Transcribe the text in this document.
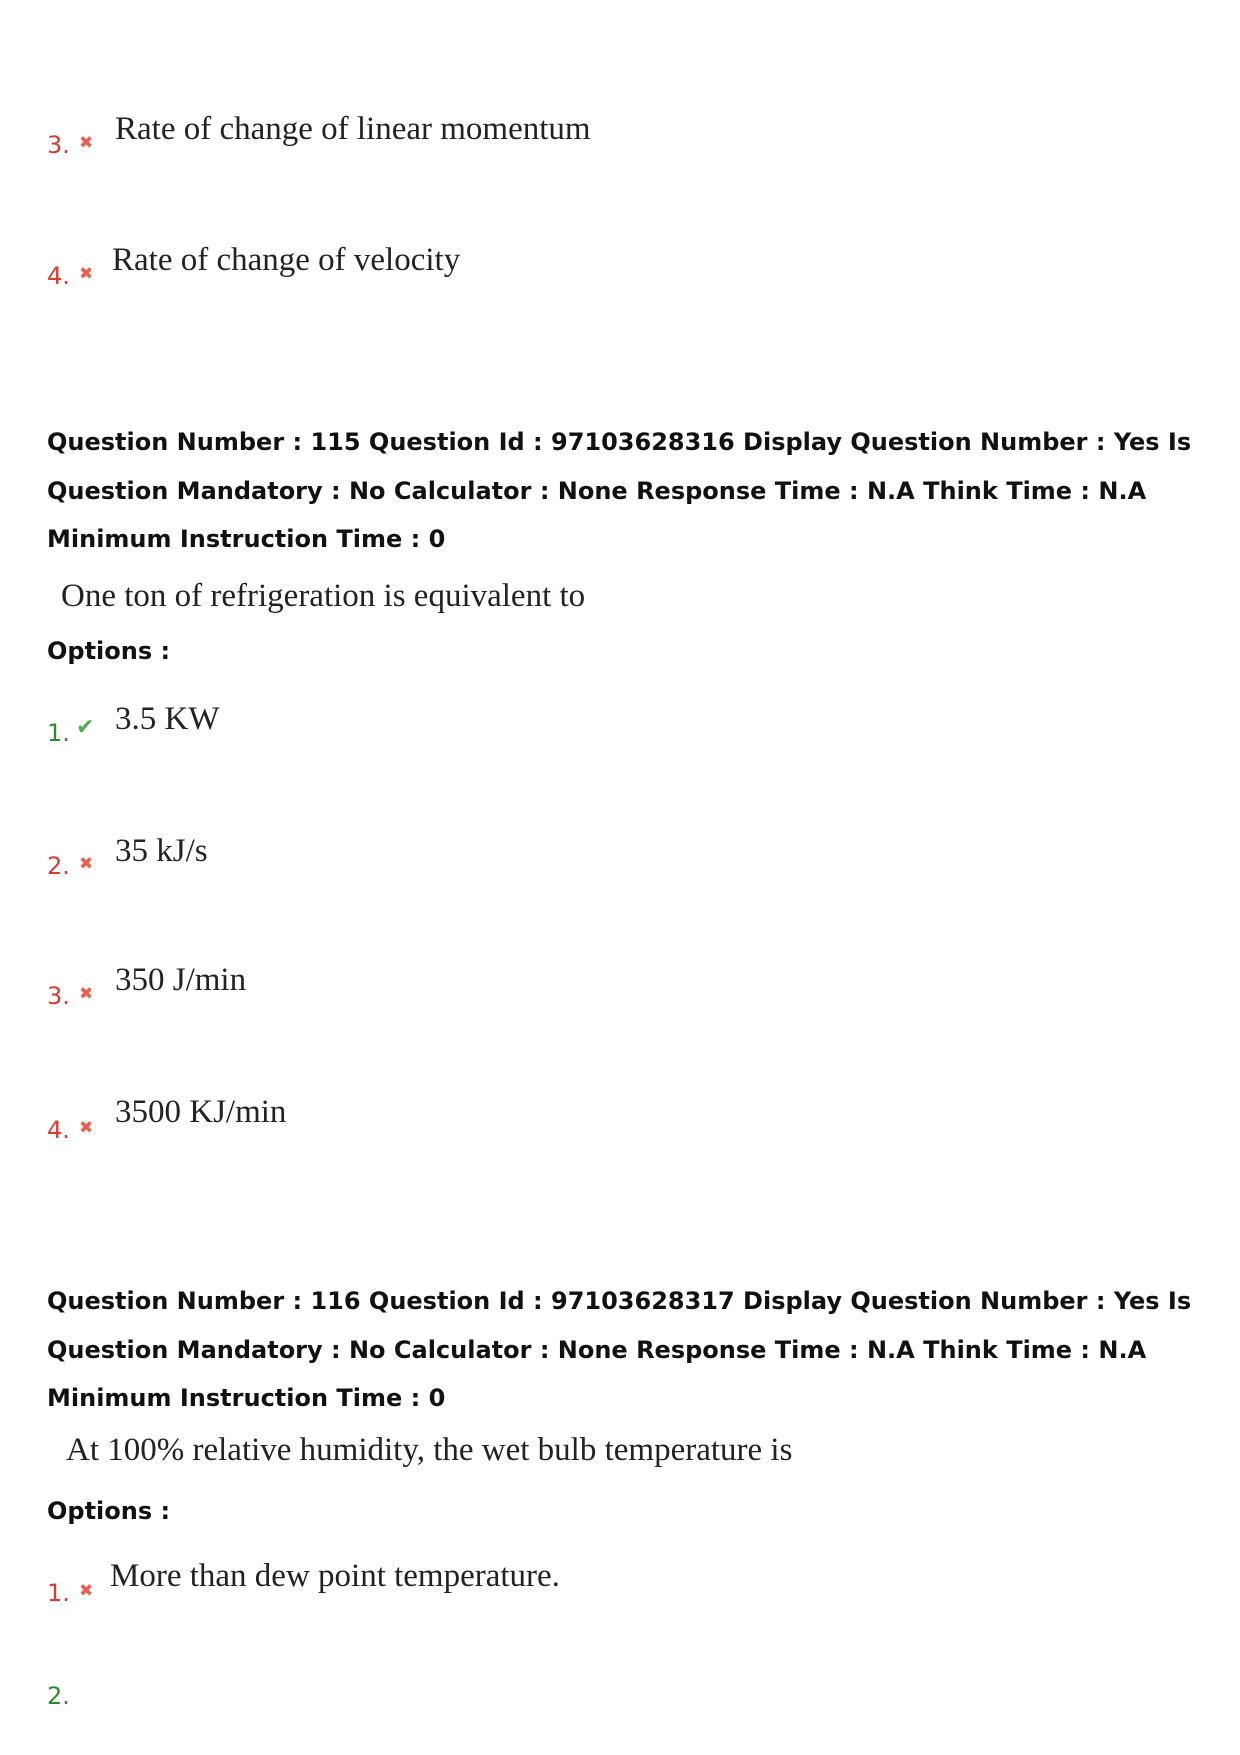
3. ✖ Rate of change of linear momentum
4. ✖ Rate of change of velocity
Question Number : 115 Question Id : 97103628316 Display Question Number : Yes Is Question Mandatory : No Calculator : None Response Time : N.A Think Time : N.A Minimum Instruction Time : 0
One ton of refrigeration is equivalent to
Options :
1. ✔ 3.5 KW
2. ✖ 35 kJ/s
3. ✖ 350 J/min
4. ✖ 3500 KJ/min
Question Number : 116 Question Id : 97103628317 Display Question Number : Yes Is Question Mandatory : No Calculator : None Response Time : N.A Think Time : N.A Minimum Instruction Time : 0
At 100% relative humidity, the wet bulb temperature is
Options :
1. ✖ More than dew point temperature.
2.
